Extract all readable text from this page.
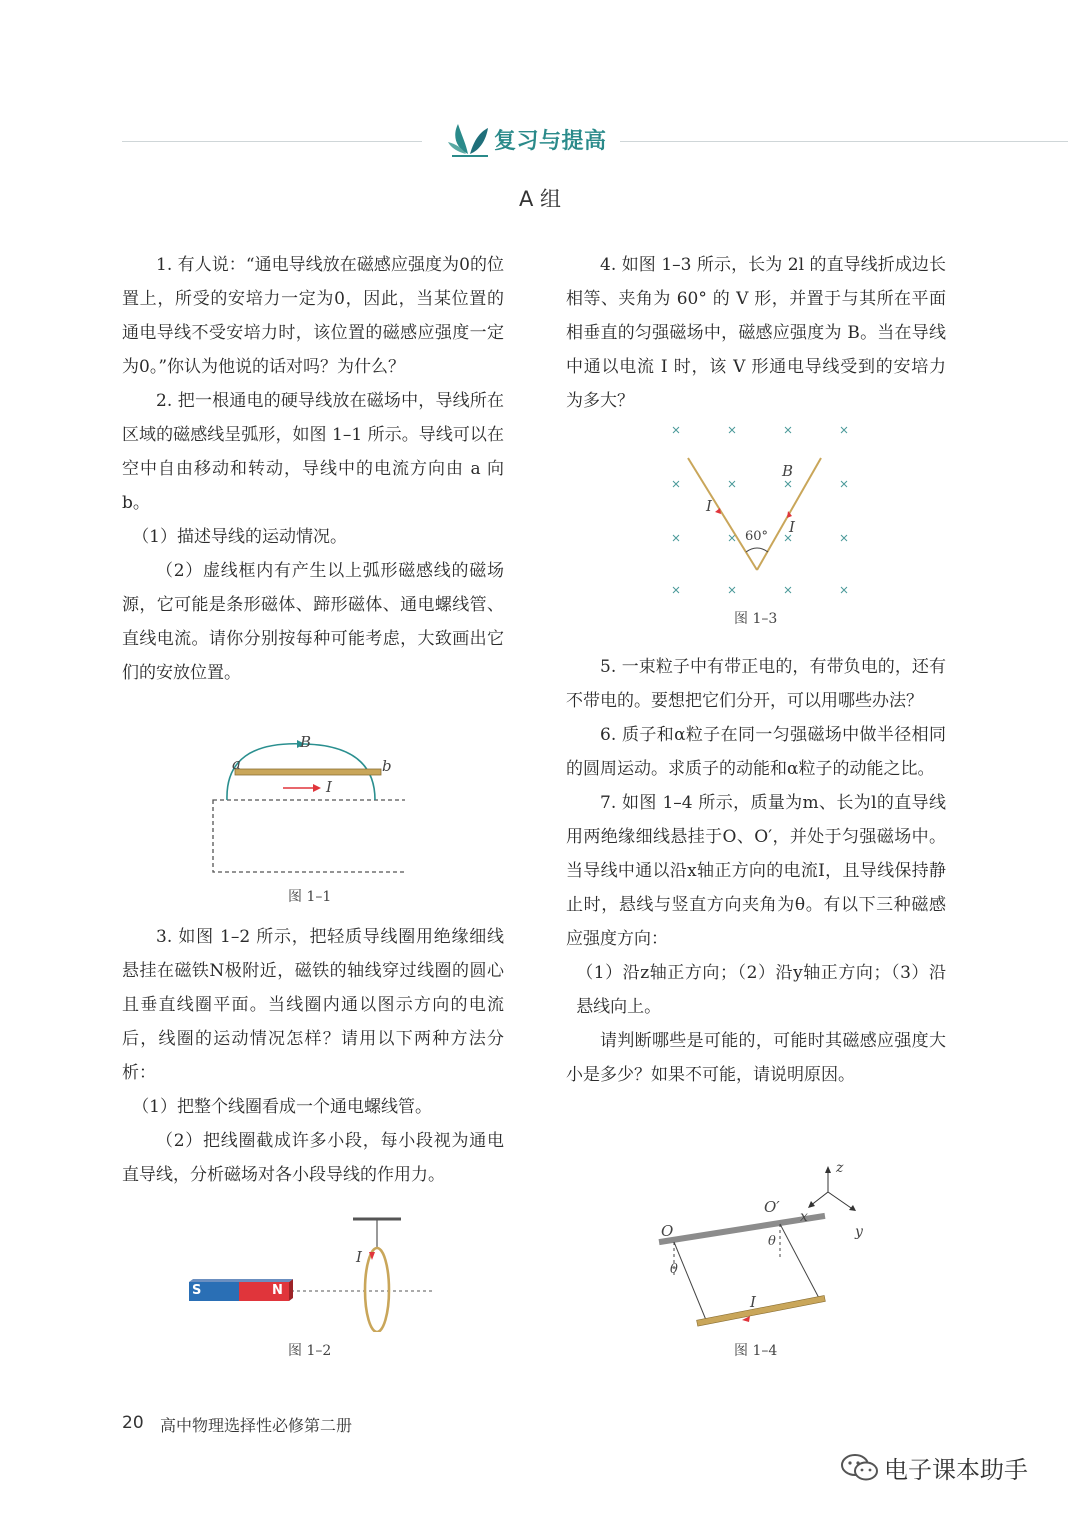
复习与提高
A 组

1. 有人说：“通电导线放在磁感应强度为0的位置上，所受的安培力一定为0，因此，当某位置的通电导线不受安培力时，该位置的磁感应强度一定为0。”你认为他说的话对吗？为什么？

2. 把一根通电的硬导线放在磁场中，导线所在区域的磁感线呈弧形，如图 1–1 所示。导线可以在空中自由移动和转动，导线中的电流方向由 a 向 b。

（1）描述导线的运动情况。

（2）虚线框内有产生以上弧形磁感线的磁场源，它可能是条形磁体、蹄形磁体、通电螺线管、直线电流。请你分别按每种可能考虑，大致画出它们的安放位置。

B
a	b
I
图 1–1

3. 如图 1–2 所示，把轻质导线圈用绝缘细线悬挂在磁铁N极附近，磁铁的轴线穿过线圈的圆心且垂直线圈平面。当线圈内通以图示方向的电流后，线圈的运动情况怎样？请用以下两种方法分析：

（1）把整个线圈看成一个通电螺线管。

（2）把线圈截成许多小段，每小段视为通电直导线，分析磁场对各小段导线的作用力。

S	N
I
图 1–2

4. 如图 1–3 所示，长为 2l 的直导线折成边长相等、夹角为 60° 的 V 形，并置于与其所在平面相垂直的匀强磁场中，磁感应强度为 B。当在导线中通以电流 I 时，该 V 形通电导线受到的安培力为多大？

B
I
I
60°
图 1–3

5. 一束粒子中有带正电的，有带负电的，还有不带电的。要想把它们分开，可以用哪些办法？

6. 质子和α粒子在同一匀强磁场中做半径相同的圆周运动。求质子的动能和α粒子的动能之比。

7. 如图 1–4 所示，质量为m、长为l的直导线用两绝缘细线悬挂于O、O′，并处于匀强磁场中。当导线中通以沿x轴正方向的电流I，且导线保持静止时，悬线与竖直方向夹角为θ。有以下三种磁感应强度方向：

（1）沿z轴正方向；（2）沿y轴正方向；（3）沿悬线向上。

请判断哪些是可能的，可能时其磁感应强度大小是多少？如果不可能，请说明原因。

z
x
y
O
O′
θ
θ
I
图 1–4
20 高中物理选择性必修第二册
电子课本助手
